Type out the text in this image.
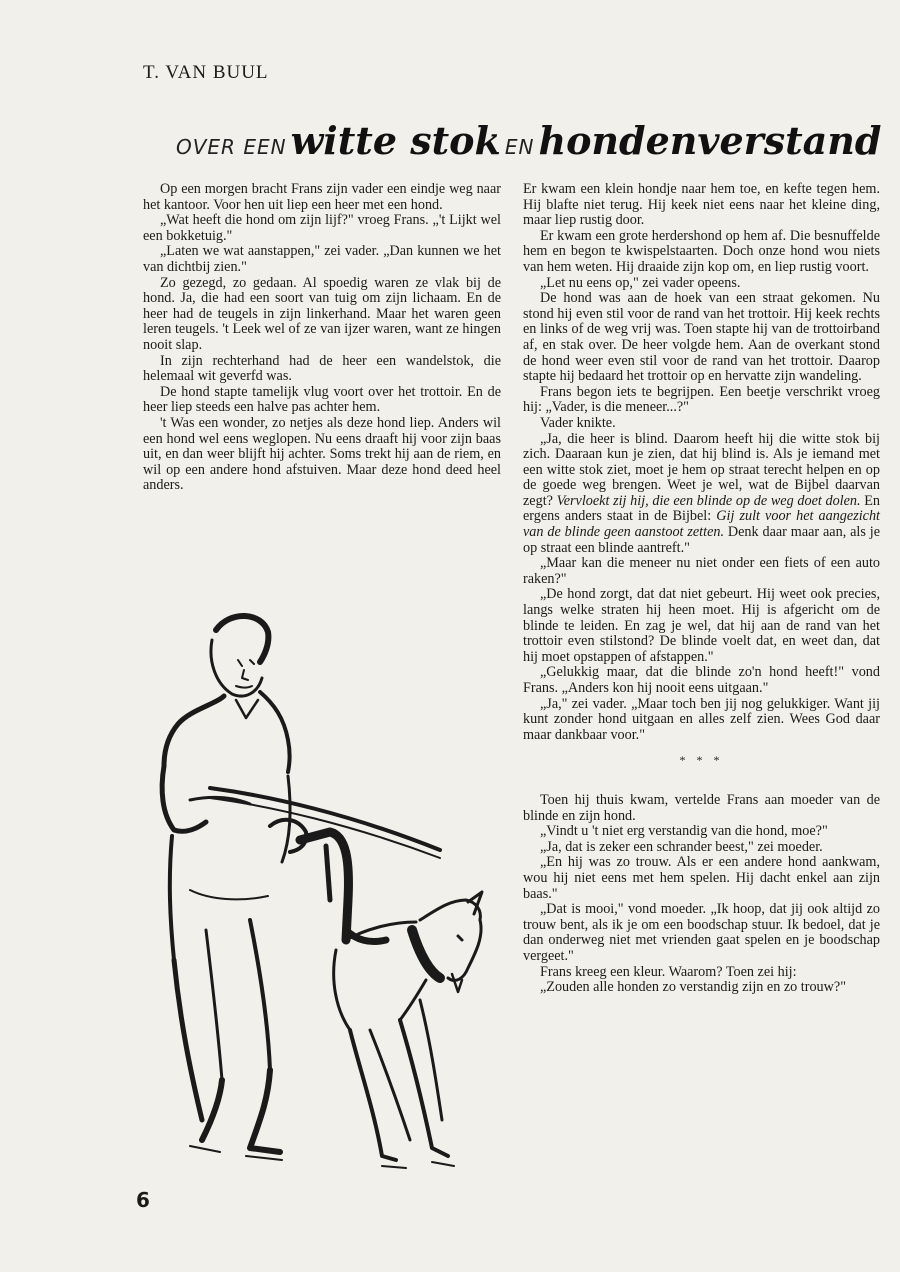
T. VAN BUUL
OVER EEN witte stok EN hondenverstand

Op een morgen bracht Frans zijn vader een eindje weg naar het kantoor. Voor hen uit liep een heer met een hond.

„Wat heeft die hond om zijn lijf?" vroeg Frans. „'t Lijkt wel een bokketuig."

„Laten we wat aanstappen," zei vader. „Dan kunnen we het van dichtbij zien."

Zo gezegd, zo gedaan. Al spoedig waren ze vlak bij de hond. Ja, die had een soort van tuig om zijn lichaam. En de heer had de teugels in zijn linkerhand. Maar het waren geen leren teugels. 't Leek wel of ze van ijzer waren, want ze hingen nooit slap.

In zijn rechterhand had de heer een wandelstok, die helemaal wit geverfd was.

De hond stapte tamelijk vlug voort over het trottoir. En de heer liep steeds een halve pas achter hem.

't Was een wonder, zo netjes als deze hond liep. Anders wil een hond wel eens weglopen. Nu eens draaft hij voor zijn baas uit, en dan weer blijft hij achter. Soms trekt hij aan de riem, en wil op een andere hond afstuiven. Maar deze hond deed heel anders.

Er kwam een klein hondje naar hem toe, en kefte tegen hem. Hij blafte niet terug. Hij keek niet eens naar het kleine ding, maar liep rustig door.

Er kwam een grote herdershond op hem af. Die besnuffelde hem en begon te kwispelstaarten. Doch onze hond wou niets van hem weten. Hij draaide zijn kop om, en liep rustig voort.

„Let nu eens op," zei vader opeens.

De hond was aan de hoek van een straat gekomen. Nu stond hij even stil voor de rand van het trottoir. Hij keek rechts en links of de weg vrij was. Toen stapte hij van de trottoirband af, en stak over. De heer volgde hem. Aan de overkant stond de hond weer even stil voor de rand van het trottoir. Daarop stapte hij bedaard het trottoir op en hervatte zijn wandeling.

Frans begon iets te begrijpen. Een beetje verschrikt vroeg hij: „Vader, is die meneer...?"

Vader knikte.

„Ja, die heer is blind. Daarom heeft hij die witte stok bij zich. Daaraan kun je zien, dat hij blind is. Als je iemand met een witte stok ziet, moet je hem op straat terecht helpen en op de goede weg brengen. Weet je wel, wat de Bijbel daarvan zegt? Vervloekt zij hij, die een blinde op de weg doet dolen. En ergens anders staat in de Bijbel: Gij zult voor het aangezicht van de blinde geen aanstoot zetten. Denk daar maar aan, als je op straat een blinde aantreft."

„Maar kan die meneer nu niet onder een fiets of een auto raken?"

„De hond zorgt, dat dat niet gebeurt. Hij weet ook precies, langs welke straten hij heen moet. Hij is afgericht om de blinde te leiden. En zag je wel, dat hij aan de rand van het trottoir even stilstond? De blinde voelt dat, en weet dan, dat hij moet opstappen of afstappen."

„Gelukkig maar, dat die blinde zo'n hond heeft!" vond Frans. „Anders kon hij nooit eens uitgaan."

„Ja," zei vader. „Maar toch ben jij nog gelukkiger. Want jij kunt zonder hond uitgaan en alles zelf zien. Wees God daar maar dankbaar voor."

* * *

Toen hij thuis kwam, vertelde Frans aan moeder van de blinde en zijn hond.

„Vindt u 't niet erg verstandig van die hond, moe?"

„Ja, dat is zeker een schrander beest," zei moeder.

„En hij was zo trouw. Als er een andere hond aankwam, wou hij niet eens met hem spelen. Hij dacht enkel aan zijn baas."

„Dat is mooi," vond moeder. „Ik hoop, dat jij ook altijd zo trouw bent, als ik je om een boodschap stuur. Ik bedoel, dat je dan onderweg niet met vrienden gaat spelen en je boodschap vergeet."

Frans kreeg een kleur. Waarom? Toen zei hij:

„Zouden alle honden zo verstandig zijn en zo trouw?"

6
